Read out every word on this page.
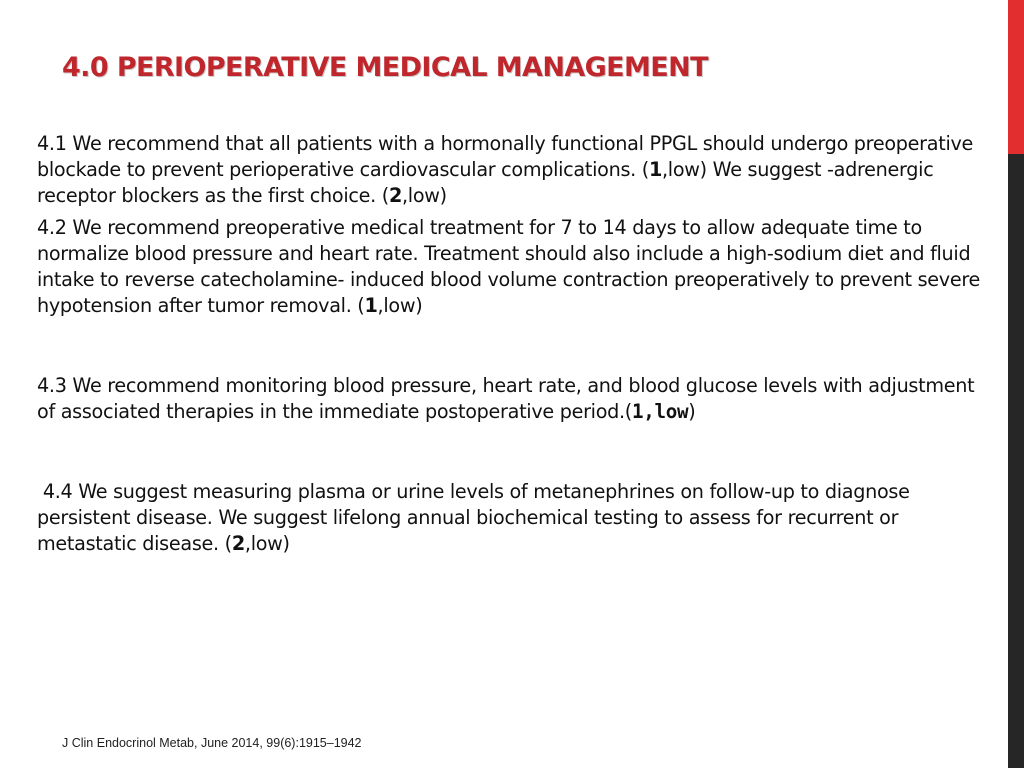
4.0 PERIOPERATIVE MEDICAL MANAGEMENT

4.1 We recommend that all patients with a hormonally functional PPGL should undergo preoperative blockade to prevent perioperative cardiovascular complications. (1,low) We suggest -adrenergic receptor blockers as the first choice. (2,low)

4.2 We recommend preoperative medical treatment for 7 to 14 days to allow adequate time to normalize blood pressure and heart rate. Treatment should also include a high-sodium diet and fluid intake to reverse catecholamine- induced blood volume contraction preoperatively to prevent severe hypotension after tumor removal. (1,low)

4.3 We recommend monitoring blood pressure, heart rate, and blood glucose levels with adjustment of associated therapies in the immediate postoperative period.(1,low)

4.4 We suggest measuring plasma or urine levels of metanephrines on follow-up to diagnose persistent disease. We suggest lifelong annual biochemical testing to assess for recurrent or metastatic disease. (2,low)

J Clin Endocrinol Metab, June 2014, 99(6):1915–1942
